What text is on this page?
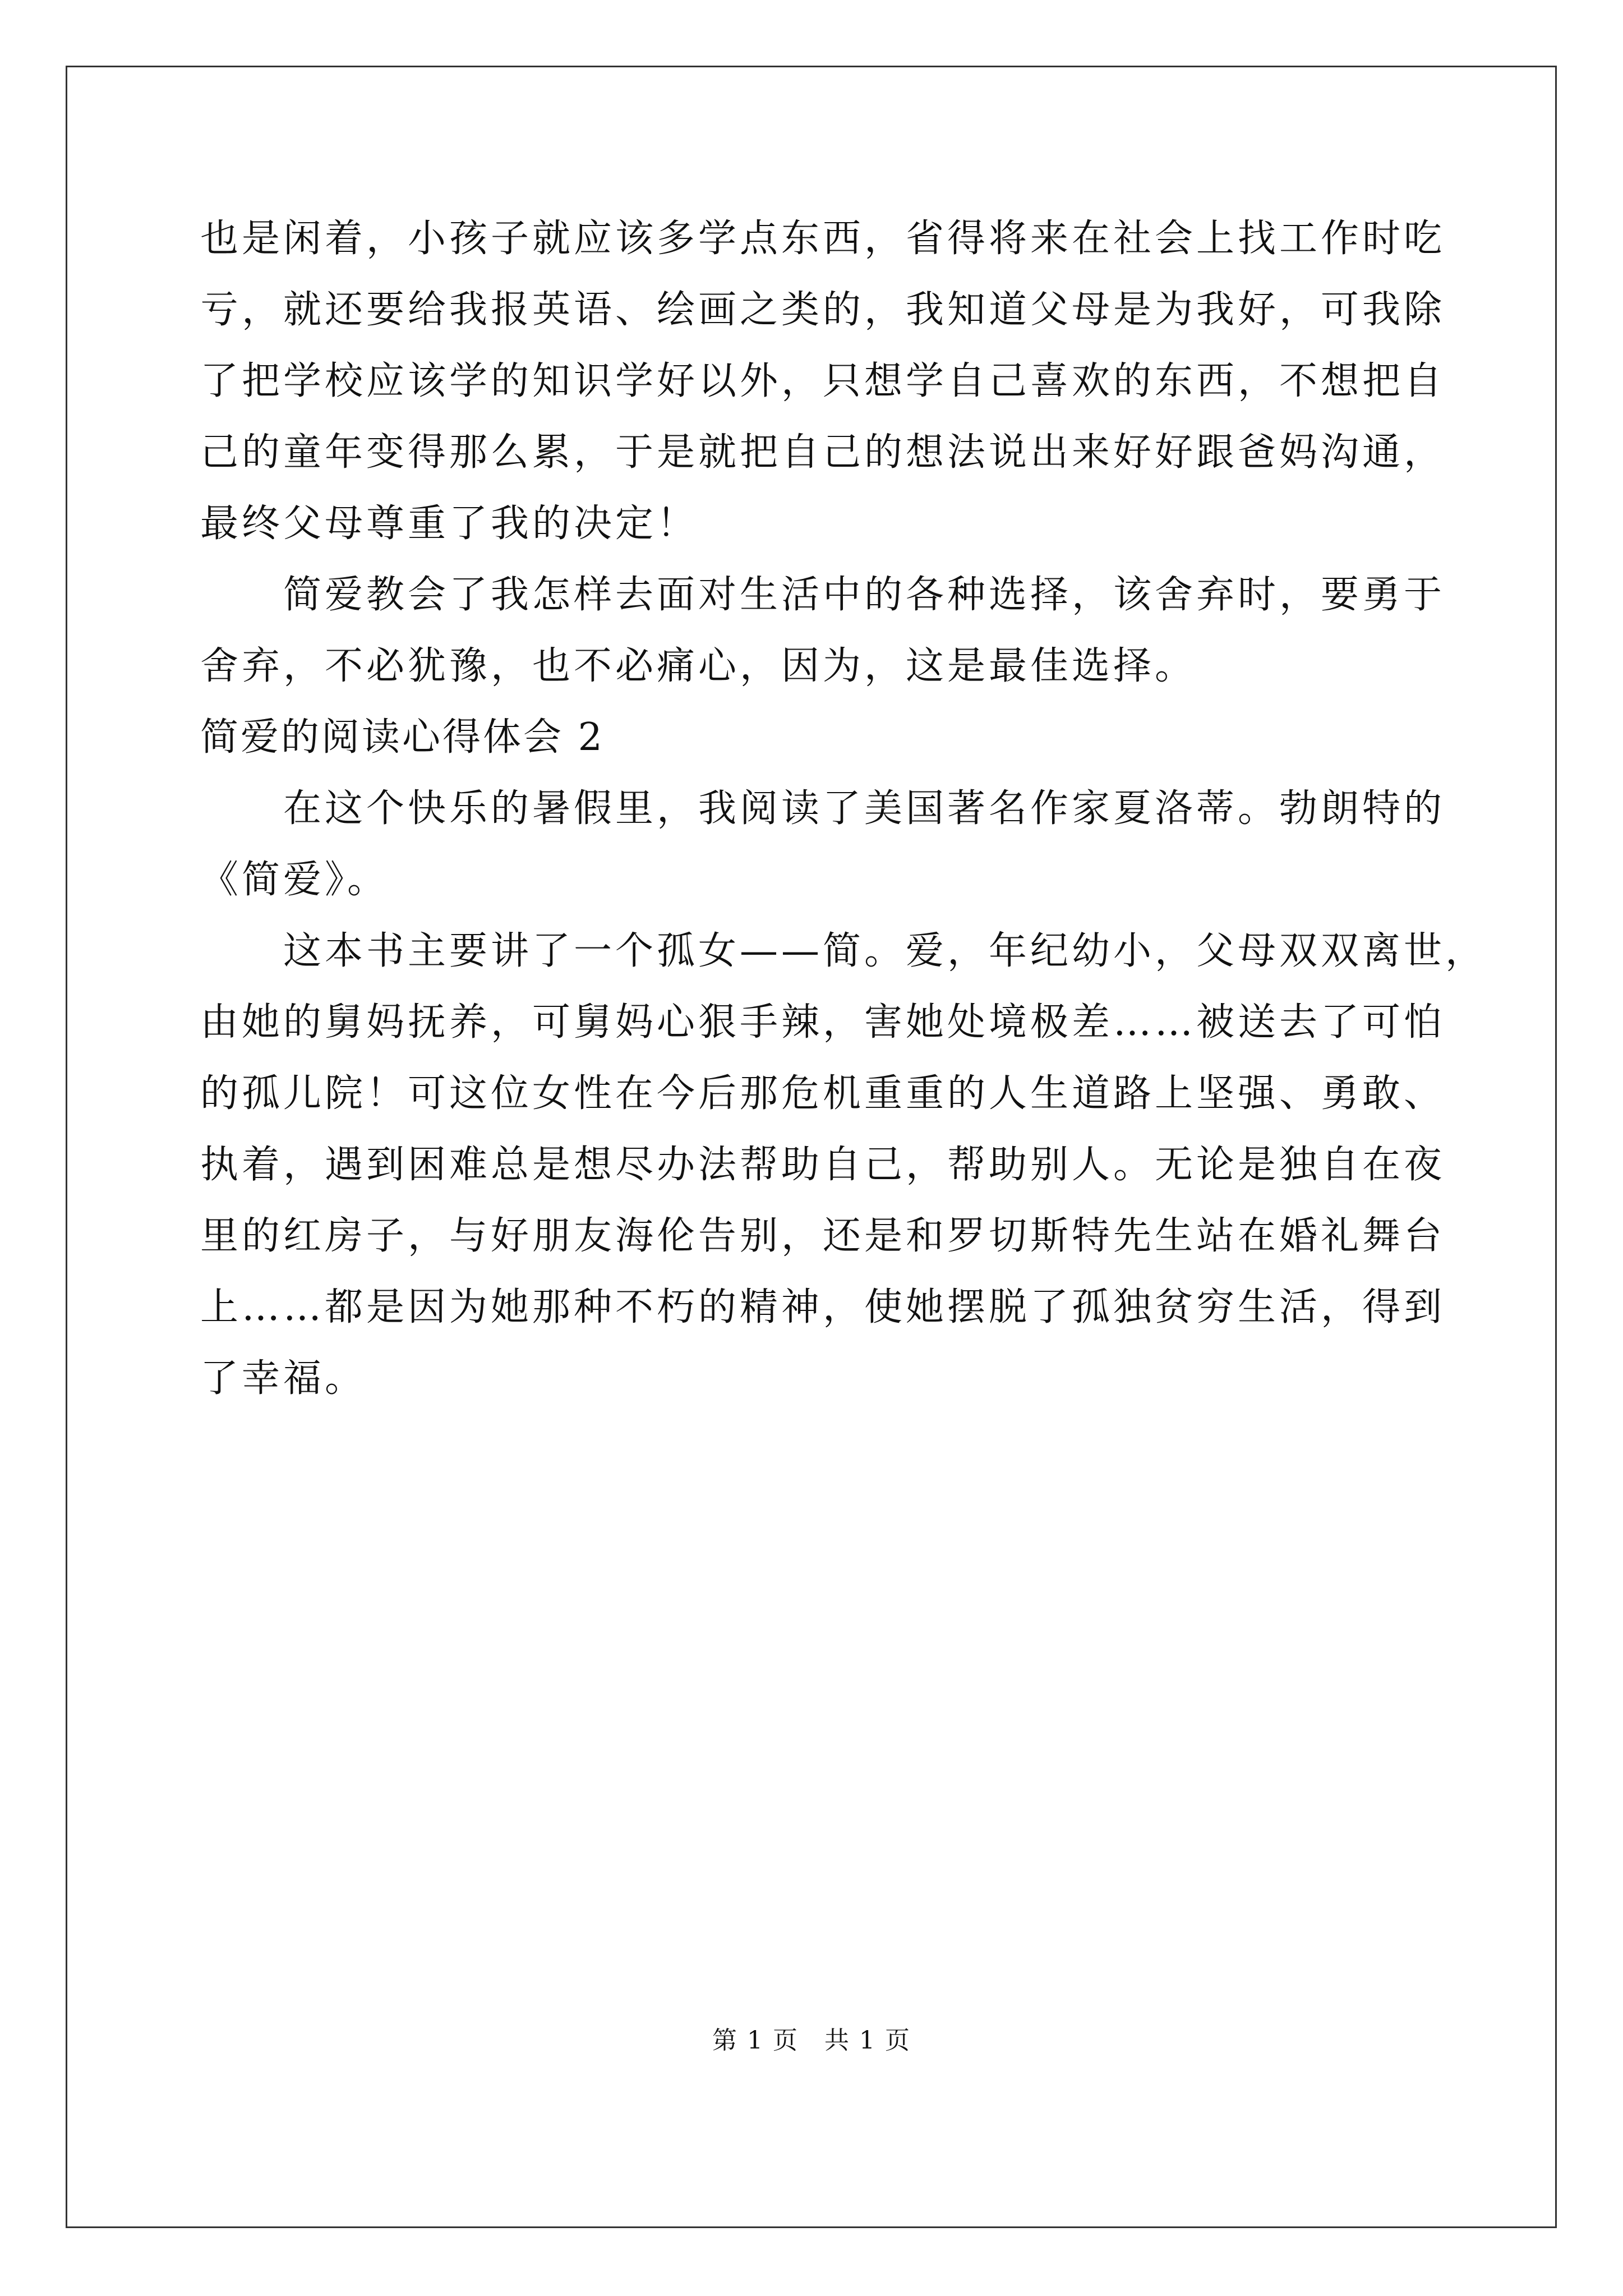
也是闲着，小孩子就应该多学点东西，省得将来在社会上找工作时吃
亏，就还要给我报英语、绘画之类的，我知道父母是为我好，可我除
了把学校应该学的知识学好以外，只想学自己喜欢的东西，不想把自
己的童年变得那么累，于是就把自己的想法说出来好好跟爸妈沟通，
最终父母尊重了我的决定！
简爱教会了我怎样去面对生活中的各种选择，该舍弃时，要勇于
舍弃，不必犹豫，也不必痛心，因为，这是最佳选择。
简爱的阅读心得体会 2
在这个快乐的暑假里，我阅读了美国著名作家夏洛蒂。勃朗特的
《简爱》。
这本书主要讲了一个孤女——简。爱，年纪幼小，父母双双离世，
由她的舅妈抚养，可舅妈心狠手辣，害她处境极差……被送去了可怕
的孤儿院！可这位女性在今后那危机重重的人生道路上坚强、勇敢、
执着，遇到困难总是想尽办法帮助自己，帮助别人。无论是独自在夜
里的红房子，与好朋友海伦告别，还是和罗切斯特先生站在婚礼舞台
上……都是因为她那种不朽的精神，使她摆脱了孤独贫穷生活，得到
了幸福。
第 1 页　共 1 页
